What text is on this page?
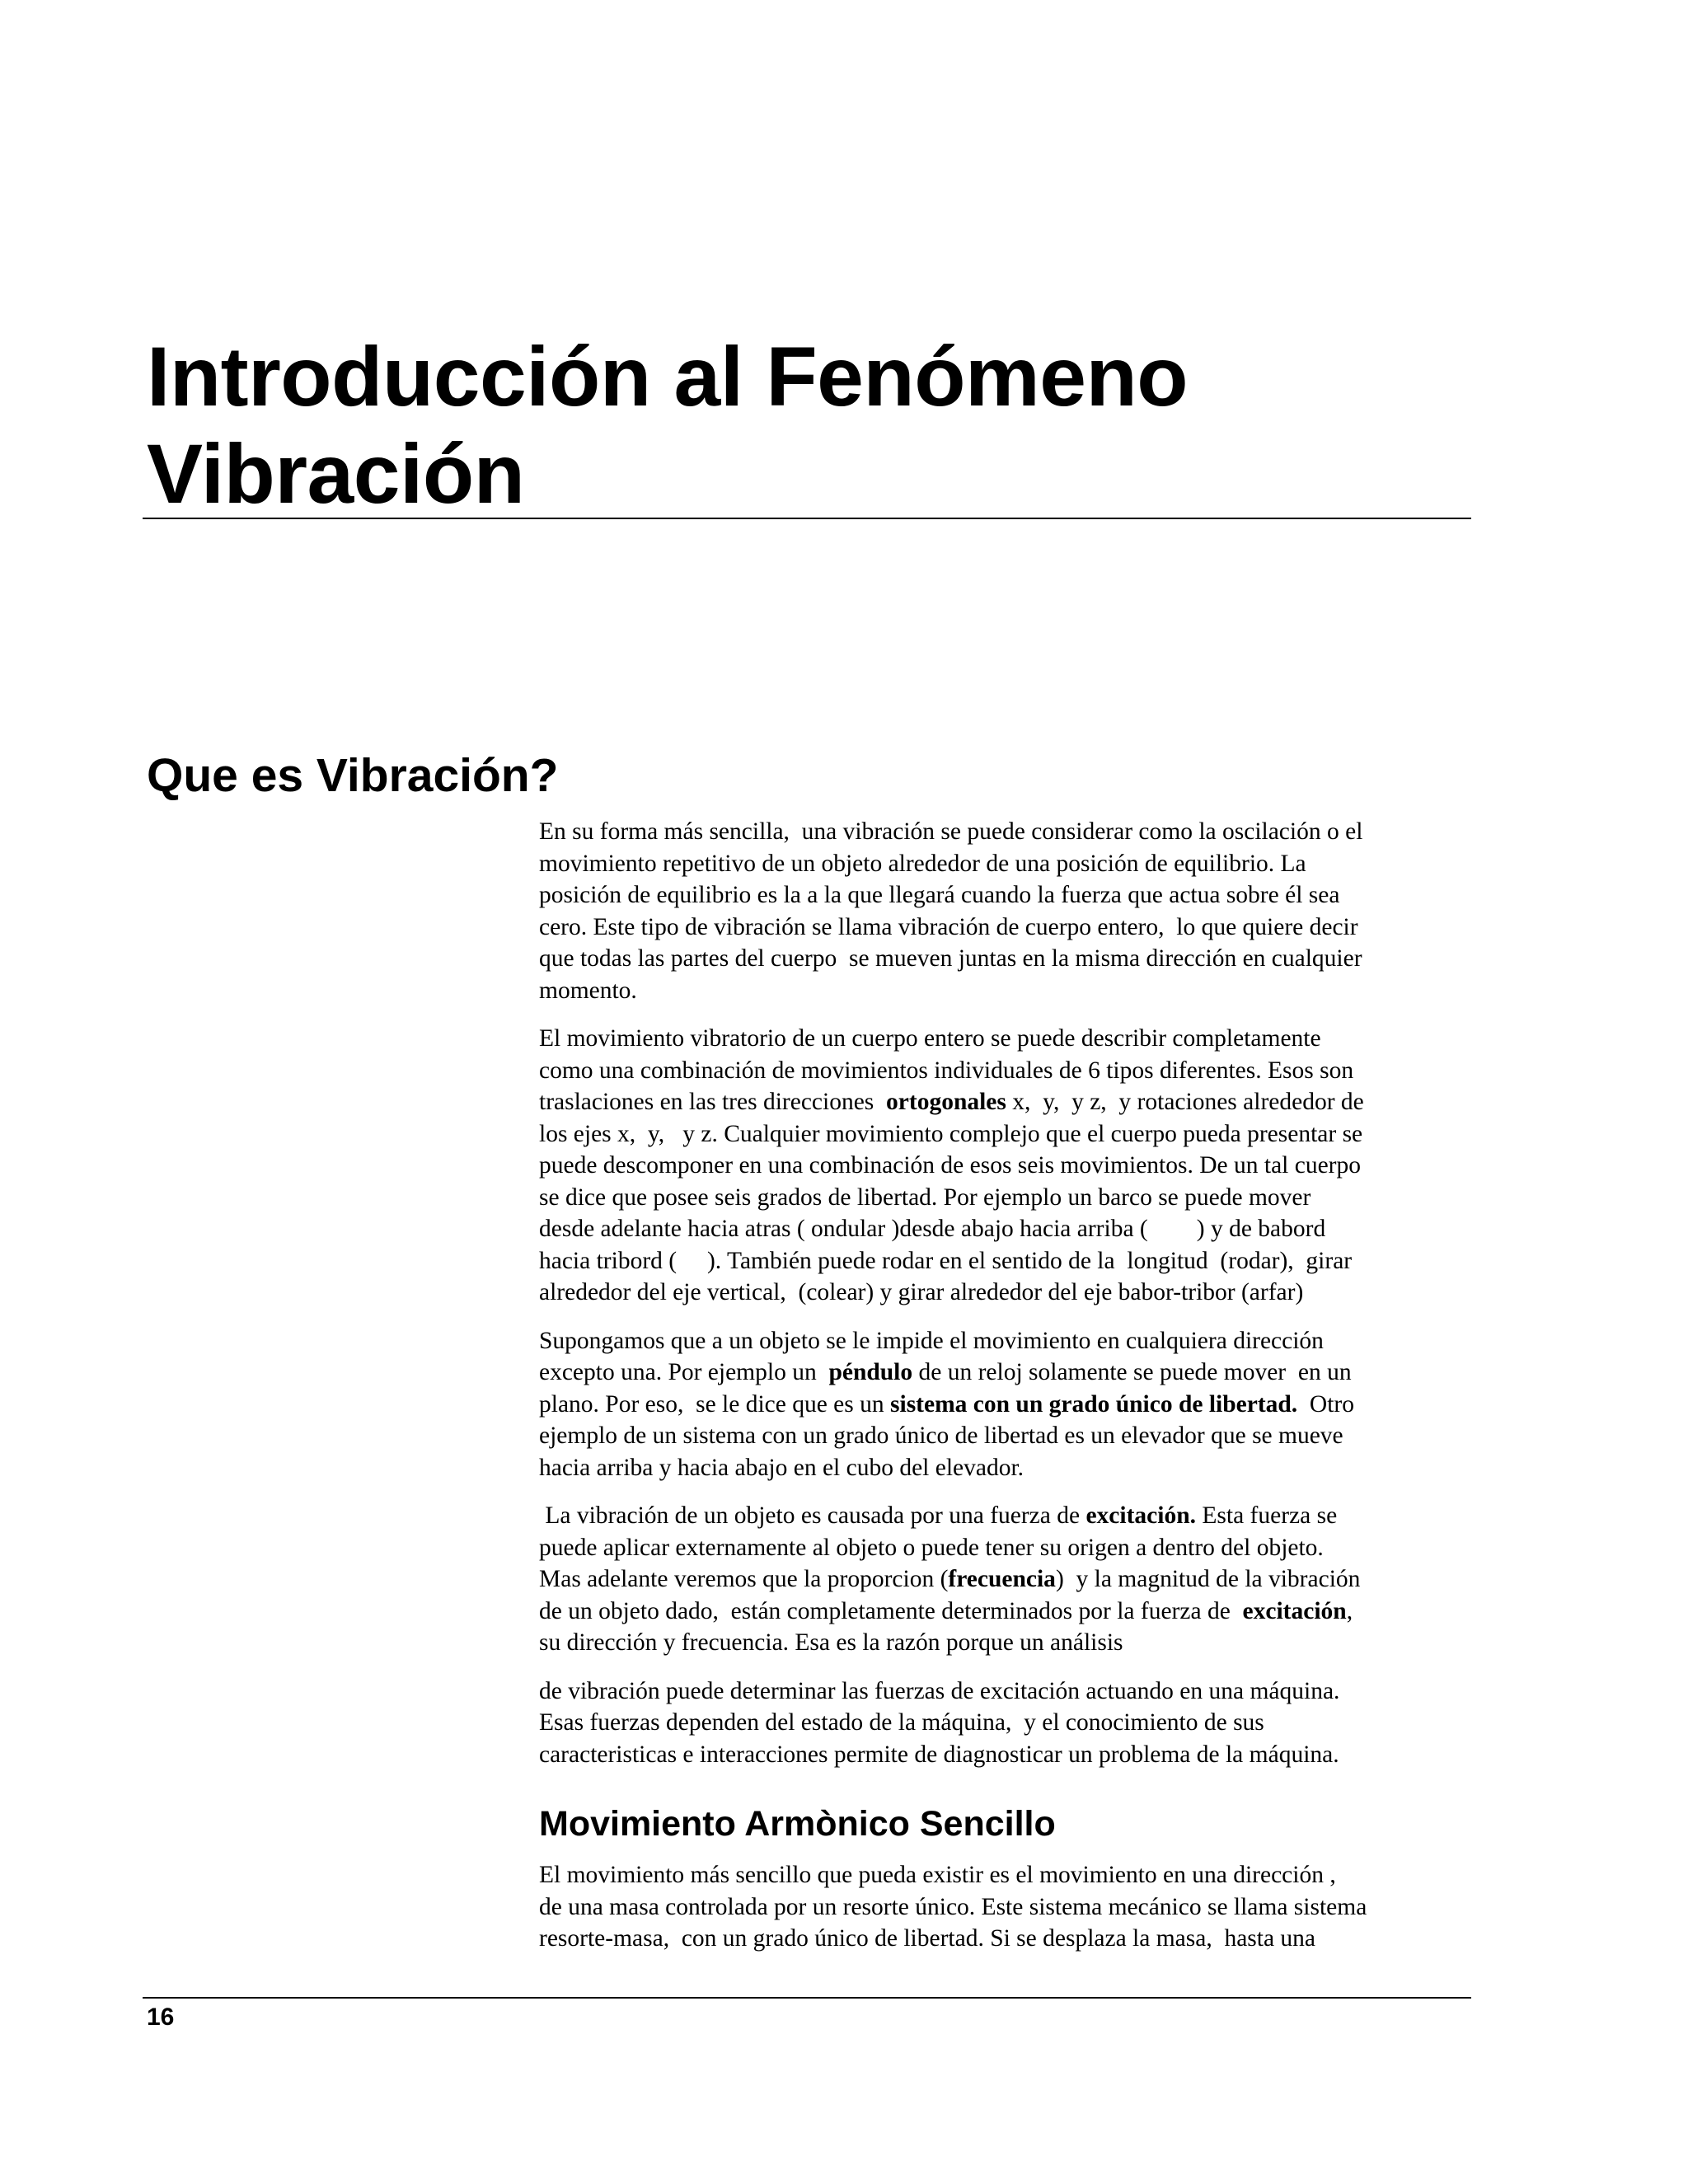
Introducción al Fenómeno
Vibración
Que es Vibración?

En su forma más sencilla,  una vibración se puede considerar como la oscilación o el
movimiento repetitivo de un objeto alrededor de una posición de equilibrio. La
posición de equilibrio es la a la que llegará cuando la fuerza que actua sobre él sea
cero. Este tipo de vibración se llama vibración de cuerpo entero,  lo que quiere decir
que todas las partes del cuerpo  se mueven juntas en la misma dirección en cualquier
momento.

El movimiento vibratorio de un cuerpo entero se puede describir completamente
como una combinación de movimientos individuales de 6 tipos diferentes. Esos son
traslaciones en las tres direcciones  ortogonales x,  y,  y z,  y rotaciones alrededor de
los ejes x,  y,   y z. Cualquier movimiento complejo que el cuerpo pueda presentar se
puede descomponer en una combinación de esos seis movimientos. De un tal cuerpo
se dice que posee seis grados de libertad. Por ejemplo un barco se puede mover
desde adelante hacia atras ( ondular )desde abajo hacia arriba (        ) y de babord
hacia tribord (     ). También puede rodar en el sentido de la  longitud  (rodar),  girar
alrededor del eje vertical,  (colear) y girar alrededor del eje babor-tribor (arfar)

Supongamos que a un objeto se le impide el movimiento en cualquiera dirección
excepto una. Por ejemplo un  péndulo de un reloj solamente se puede mover  en un
plano. Por eso,  se le dice que es un sistema con un grado único de libertad.  Otro
ejemplo de un sistema con un grado único de libertad es un elevador que se mueve
hacia arriba y hacia abajo en el cubo del elevador.

La vibración de un objeto es causada por una fuerza de excitación. Esta fuerza se
puede aplicar externamente al objeto o puede tener su origen a dentro del objeto.
Mas adelante veremos que la proporcion (frecuencia)  y la magnitud de la vibración
de un objeto dado,  están completamente determinados por la fuerza de  excitación,
su dirección y frecuencia. Esa es la razón porque un análisis

de vibración puede determinar las fuerzas de excitación actuando en una máquina.
Esas fuerzas dependen del estado de la máquina,  y el conocimiento de sus
caracteristicas e interacciones permite de diagnosticar un problema de la máquina.

Movimiento Armònico Sencillo

El movimiento más sencillo que pueda existir es el movimiento en una dirección ,
de una masa controlada por un resorte único. Este sistema mecánico se llama sistema
resorte-masa,  con un grado único de libertad. Si se desplaza la masa,  hasta una

16
